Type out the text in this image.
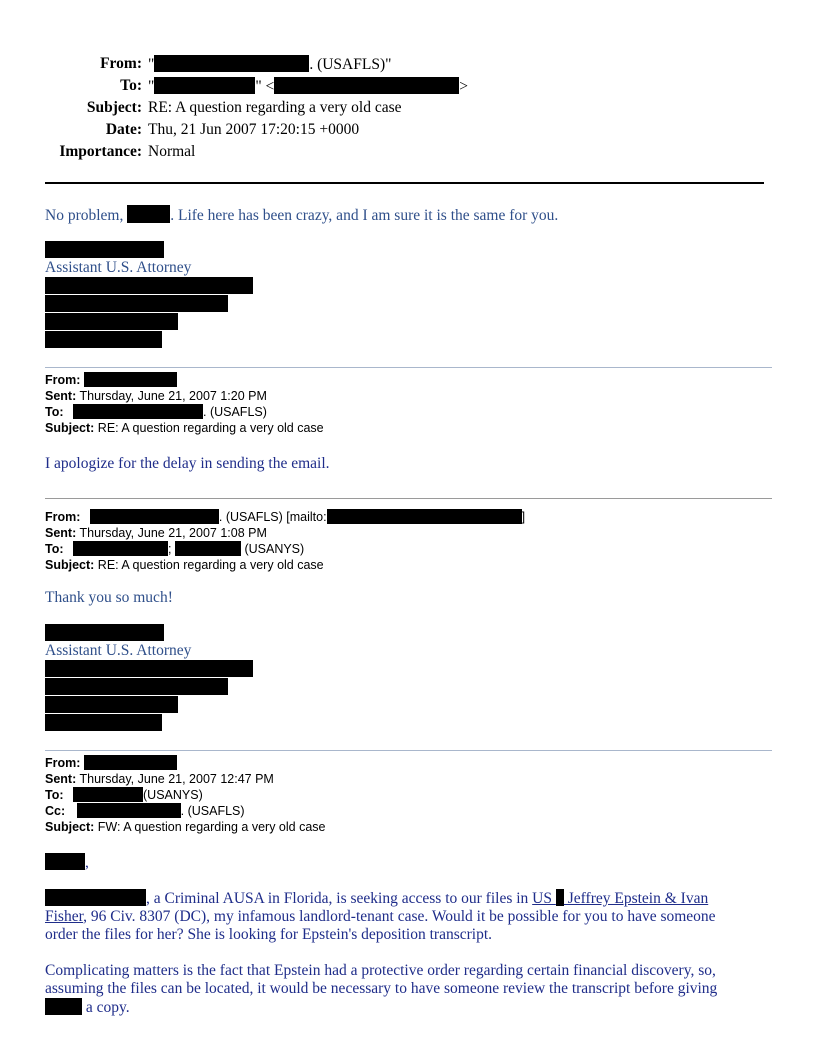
From: "	. (USAFLS)"
To: "	" <	>
Subject: RE: A question regarding a very old case
Date: Thu, 21 Jun 2007 17:20:15 +0000
Importance: Normal
No problem,	. Life here has been crazy, and I am sure it is the same for you.
Assistant U.S. Attorney
From:
Sent: Thursday, June 21, 2007 1:20 PM
To:	. (USAFLS)
Subject: RE: A question regarding a very old case
I apologize for the delay in sending the email.
From:	. (USAFLS) [mailto:	]
Sent: Thursday, June 21, 2007 1:08 PM
To:	;	(USANYS)
Subject: RE: A question regarding a very old case
Thank you so much!
Assistant U.S. Attorney
From:
Sent: Thursday, June 21, 2007 12:47 PM
To:	(USANYS)
Cc:	. (USAFLS)
Subject: FW: A question regarding a very old case
,
, a Criminal AUSA in Florida, is seeking access to our files in US  Jeffrey Epstein & Ivan
Fisher, 96 Civ. 8307 (DC), my infamous landlord-tenant case. Would it be possible for you to have someone
order the files for her? She is looking for Epstein's deposition transcript.
Complicating matters is the fact that Epstein had a protective order regarding certain financial discovery, so,
assuming the files can be located, it would be necessary to have someone review the transcript before giving
a copy.
